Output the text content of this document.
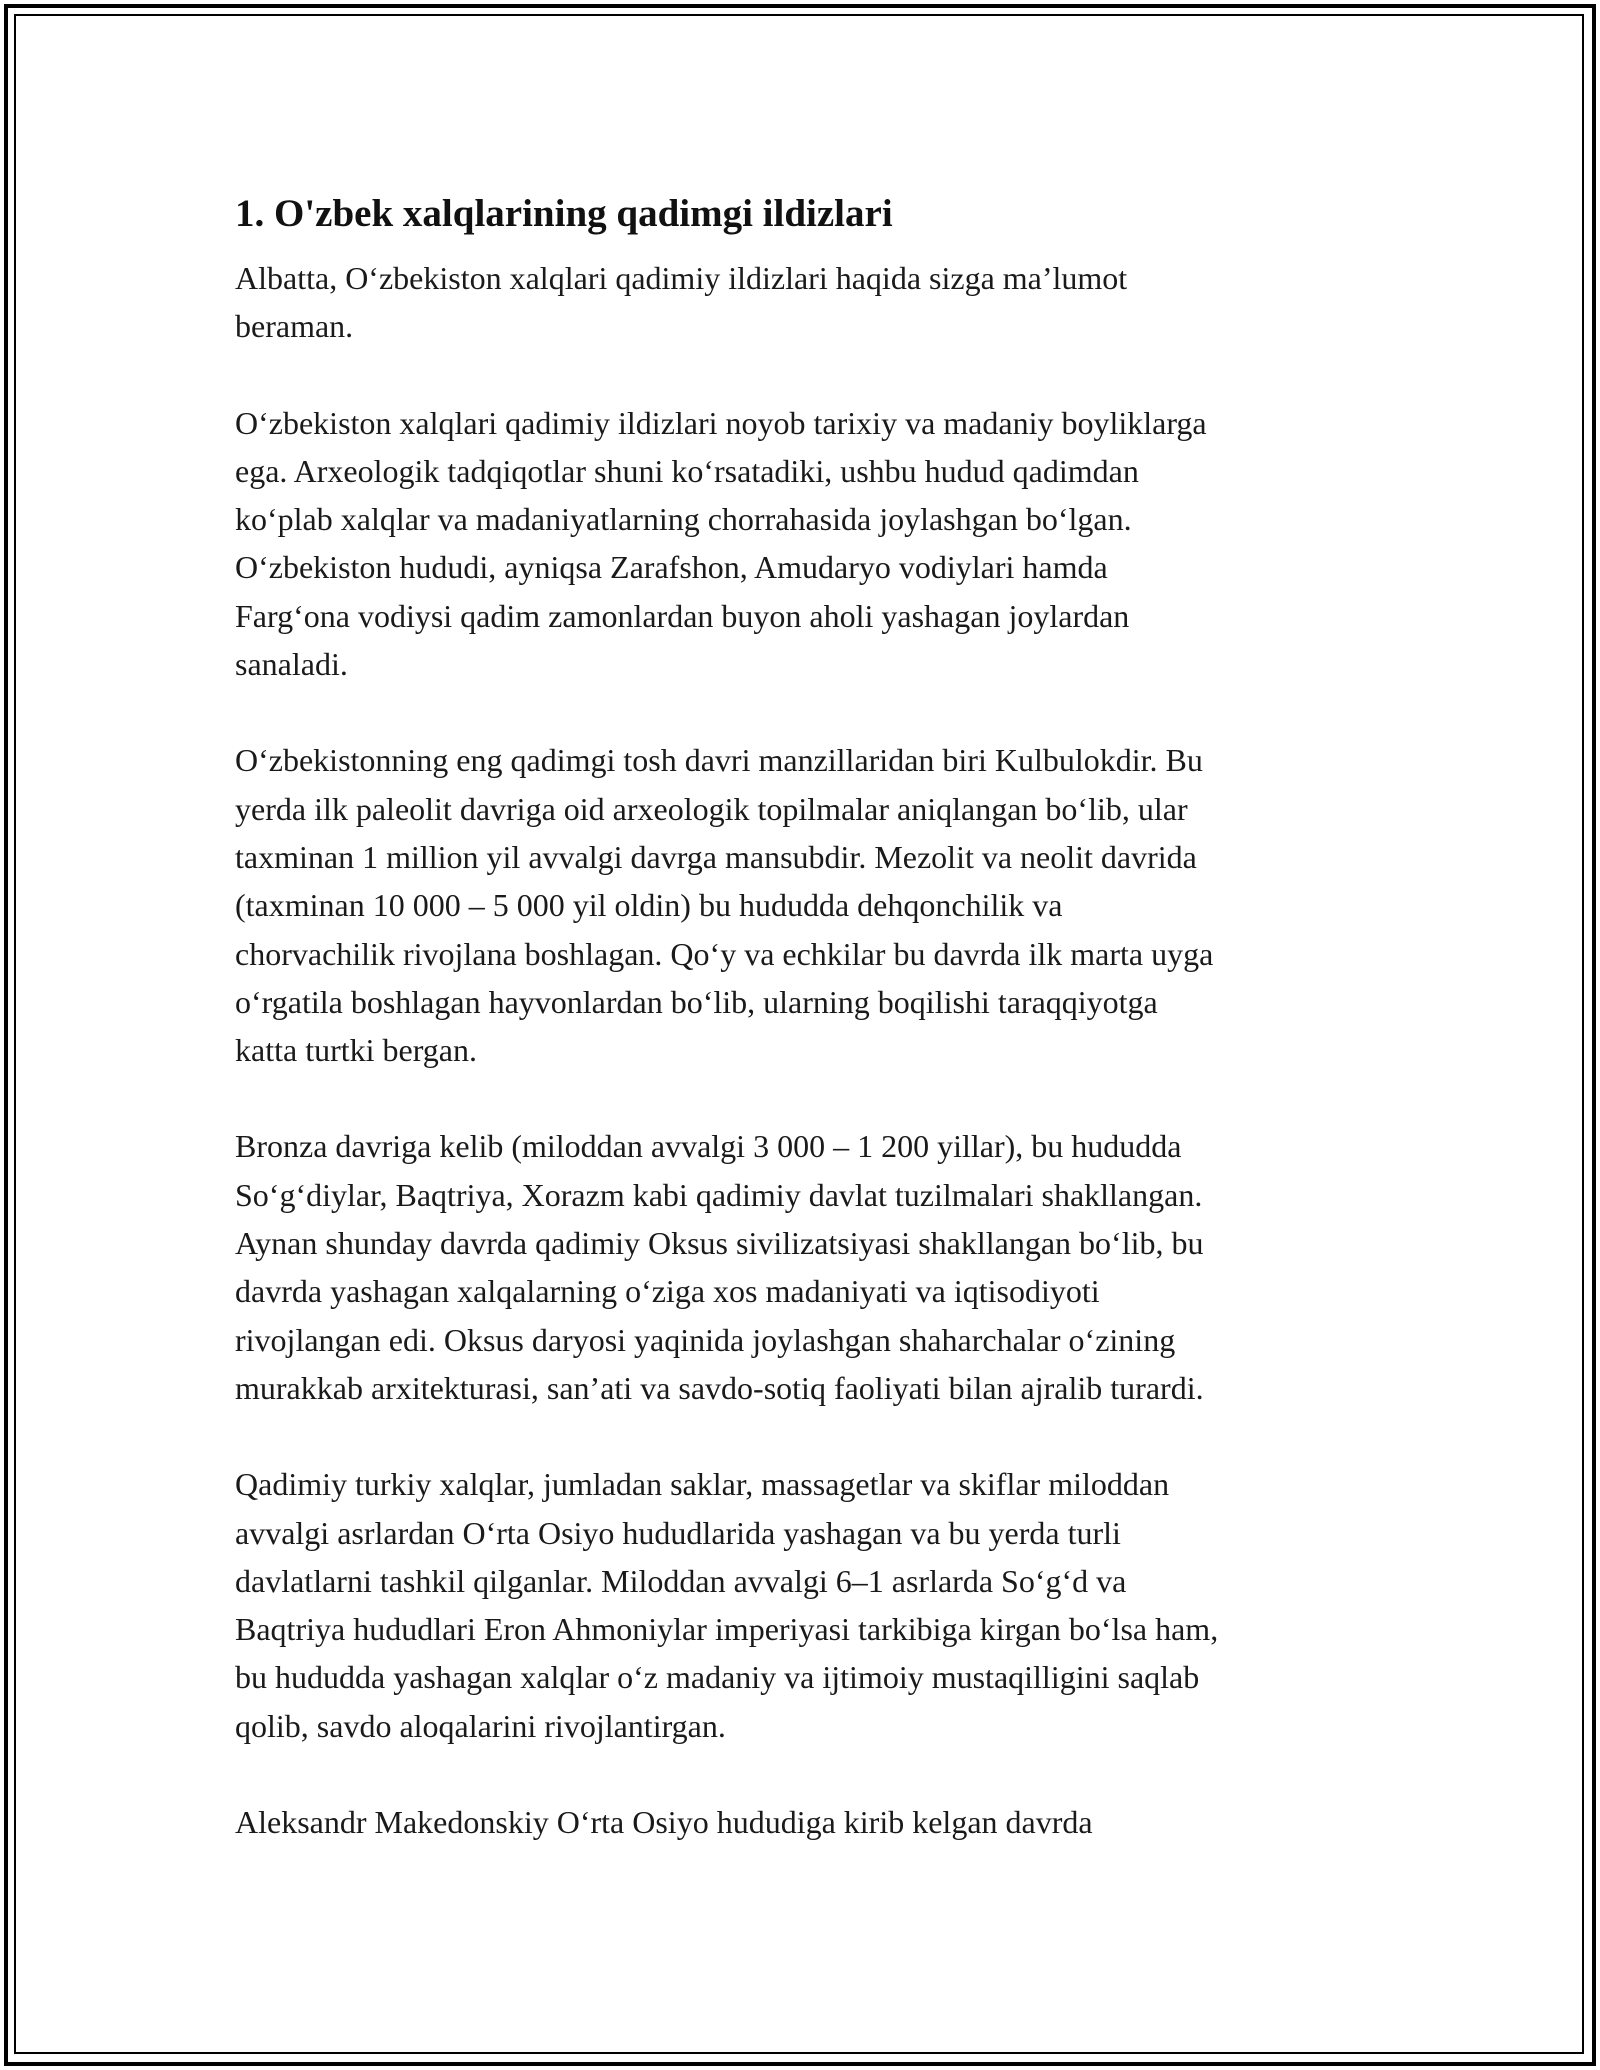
1. O'zbek xalqlarining qadimgi ildizlari

Albatta, Oʻzbekiston xalqlari qadimiy ildizlari haqida sizga maʼlumot
beraman.

Oʻzbekiston xalqlari qadimiy ildizlari noyob tarixiy va madaniy boyliklarga
ega. Arxeologik tadqiqotlar shuni koʻrsatadiki, ushbu hudud qadimdan
koʻplab xalqlar va madaniyatlarning chorrahasida joylashgan boʻlgan.
Oʻzbekiston hududi, ayniqsa Zarafshon, Amudaryo vodiylari hamda
Fargʻona vodiysi qadim zamonlardan buyon aholi yashagan joylardan
sanaladi.

Oʻzbekistonning eng qadimgi tosh davri manzillaridan biri Kulbulokdir. Bu
yerda ilk paleolit davriga oid arxeologik topilmalar aniqlangan boʻlib, ular
taxminan 1 million yil avvalgi davrga mansubdir. Mezolit va neolit davrida
(taxminan 10 000 – 5 000 yil oldin) bu hududda dehqonchilik va
chorvachilik rivojlana boshlagan. Qoʻy va echkilar bu davrda ilk marta uyga
oʻrgatila boshlagan hayvonlardan boʻlib, ularning boqilishi taraqqiyotga
katta turtki bergan.

Bronza davriga kelib (miloddan avvalgi 3 000 – 1 200 yillar), bu hududda
Soʻgʻdiylar, Baqtriya, Xorazm kabi qadimiy davlat tuzilmalari shakllangan.
Aynan shunday davrda qadimiy Oksus sivilizatsiyasi shakllangan boʻlib, bu
davrda yashagan xalqalarning oʻziga xos madaniyati va iqtisodiyoti
rivojlangan edi. Oksus daryosi yaqinida joylashgan shaharchalar oʻzining
murakkab arxitekturasi, sanʼati va savdo-sotiq faoliyati bilan ajralib turardi.

Qadimiy turkiy xalqlar, jumladan saklar, massagetlar va skiflar miloddan
avvalgi asrlardan Oʻrta Osiyo hududlarida yashagan va bu yerda turli
davlatlarni tashkil qilganlar. Miloddan avvalgi 6–1 asrlarda Soʻgʻd va
Baqtriya hududlari Eron Ahmoniylar imperiyasi tarkibiga kirgan boʻlsa ham,
bu hududda yashagan xalqlar oʻz madaniy va ijtimoiy mustaqilligini saqlab
qolib, savdo aloqalarini rivojlantirgan.

Aleksandr Makedonskiy Oʻrta Osiyo hududiga kirib kelgan davrda
